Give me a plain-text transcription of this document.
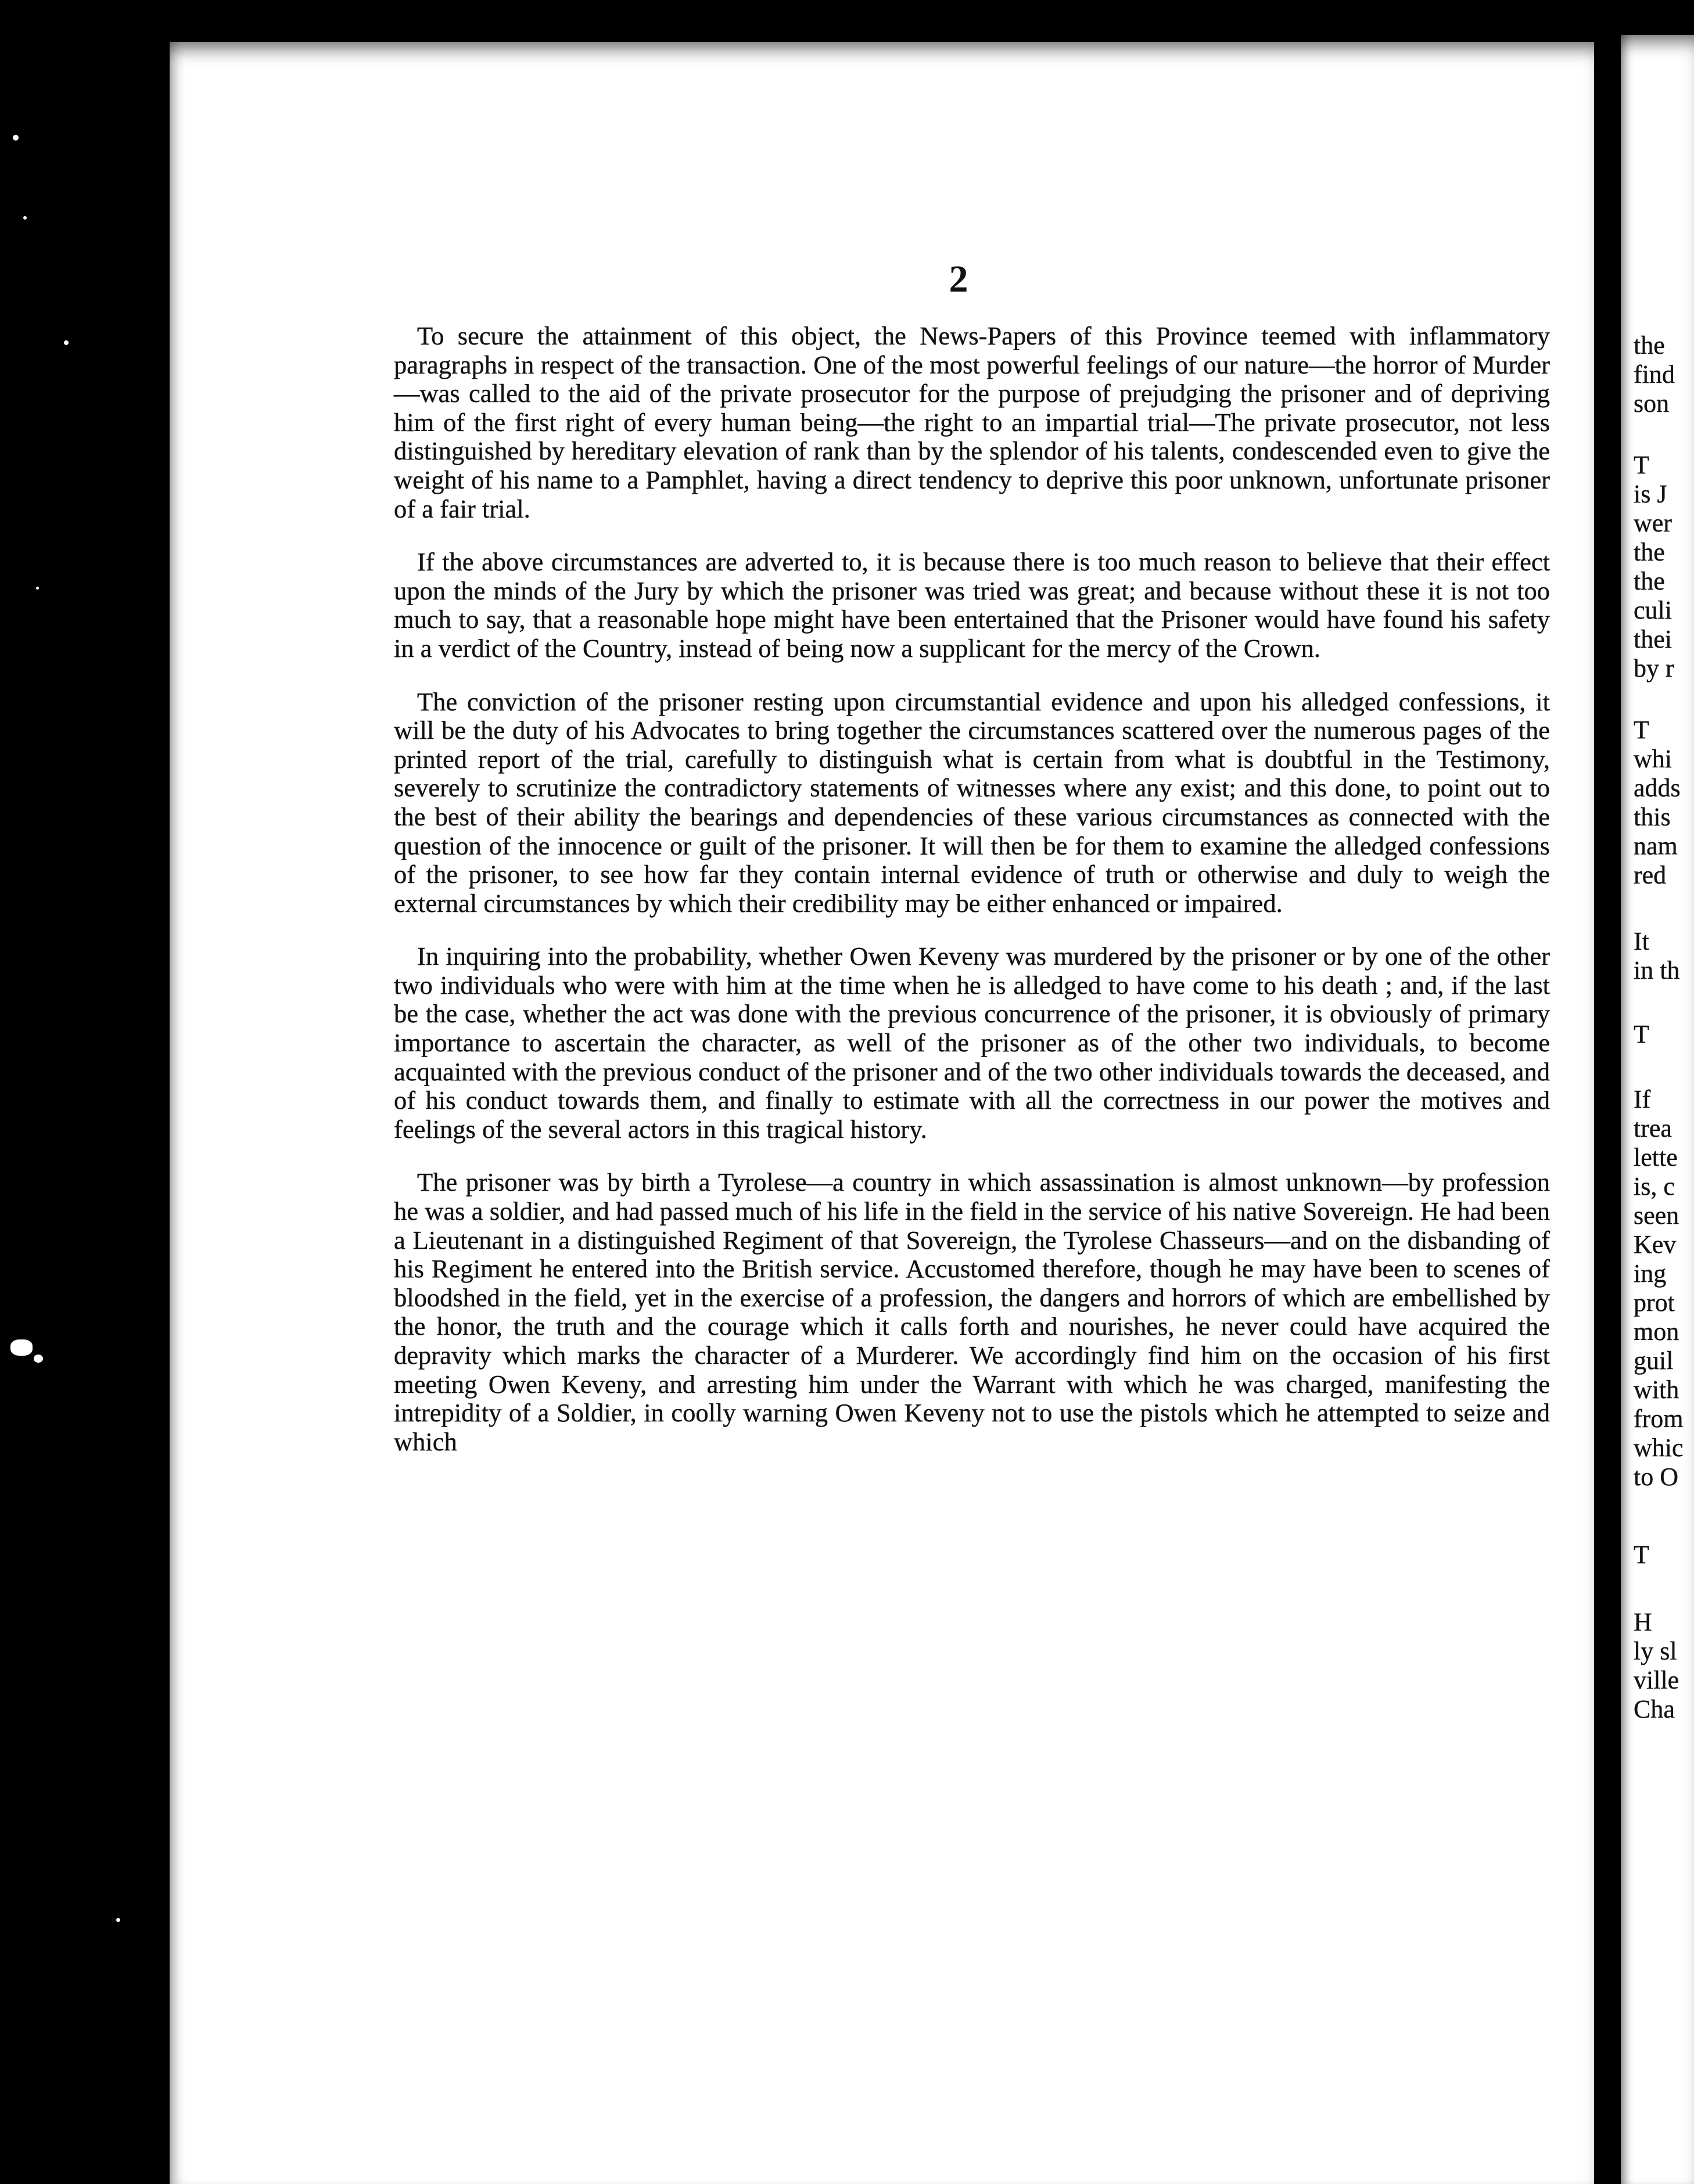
2

To secure the attainment of this object, the News-Papers of this Province teemed with inflammatory paragraphs in respect of the transaction. One of the most powerful feelings of our nature—the horror of Murder—was called to the aid of the private prosecutor for the purpose of prejudging the prisoner and of depriving him of the first right of every human being—the right to an impartial trial—The private prosecutor, not less distinguished by hereditary elevation of rank than by the splendor of his talents, condescended even to give the weight of his name to a Pamphlet, having a direct tendency to deprive this poor unknown, unfortunate prisoner of a fair trial.

If the above circumstances are adverted to, it is because there is too much reason to believe that their effect upon the minds of the Jury by which the prisoner was tried was great; and because without these it is not too much to say, that a reasonable hope might have been entertained that the Prisoner would have found his safety in a verdict of the Country, instead of being now a supplicant for the mercy of the Crown.

The conviction of the prisoner resting upon circumstantial evidence and upon his alledged confessions, it will be the duty of his Advocates to bring together the circumstances scattered over the numerous pages of the printed report of the trial, carefully to distinguish what is certain from what is doubtful in the Testimony, severely to scrutinize the contradictory statements of witnesses where any exist; and this done, to point out to the best of their ability the bearings and dependencies of these various circumstances as connected with the question of the innocence or guilt of the prisoner. It will then be for them to examine the alledged confessions of the prisoner, to see how far they contain internal evidence of truth or otherwise and duly to weigh the external circumstances by which their credibility may be either enhanced or impaired.

In inquiring into the probability, whether Owen Keveny was murdered by the prisoner or by one of the other two individuals who were with him at the time when he is alledged to have come to his death ; and, if the last be the case, whether the act was done with the previous concurrence of the prisoner, it is obviously of primary importance to ascertain the character, as well of the prisoner as of the other two individuals, to become acquainted with the previous conduct of the prisoner and of the two other individuals towards the deceased, and of his conduct towards them, and finally to estimate with all the correctness in our power the motives and feelings of the several actors in this tragical history.

The prisoner was by birth a Tyrolese—a country in which assassination is almost unknown—by profession he was a soldier, and had passed much of his life in the field in the service of his native Sovereign. He had been a Lieutenant in a distinguished Regiment of that Sovereign, the Tyrolese Chasseurs—and on the disbanding of his Regiment he entered into the British service. Accustomed therefore, though he may have been to scenes of bloodshed in the field, yet in the exercise of a profession, the dangers and horrors of which are embellished by the honor, the truth and the courage which it calls forth and nourishes, he never could have acquired the depravity which marks the character of a Murderer. We accordingly find him on the occasion of his first meeting Owen Keveny, and arresting him under the Warrant with which he was charged, manifesting the intrepidity of a Soldier, in coolly warning Owen Keveny not to use the pistols which he attempted to seize and which

the
find
son
T
is J
wer
the
the
culi
thei
by r
T
whi
adds
this
nam
red
It
in th
T
If
trea
lette
is, c
seen
Kev
ing
prot
mon
guil
with
from
whic
to O
T
H
ly sl
ville
Cha
